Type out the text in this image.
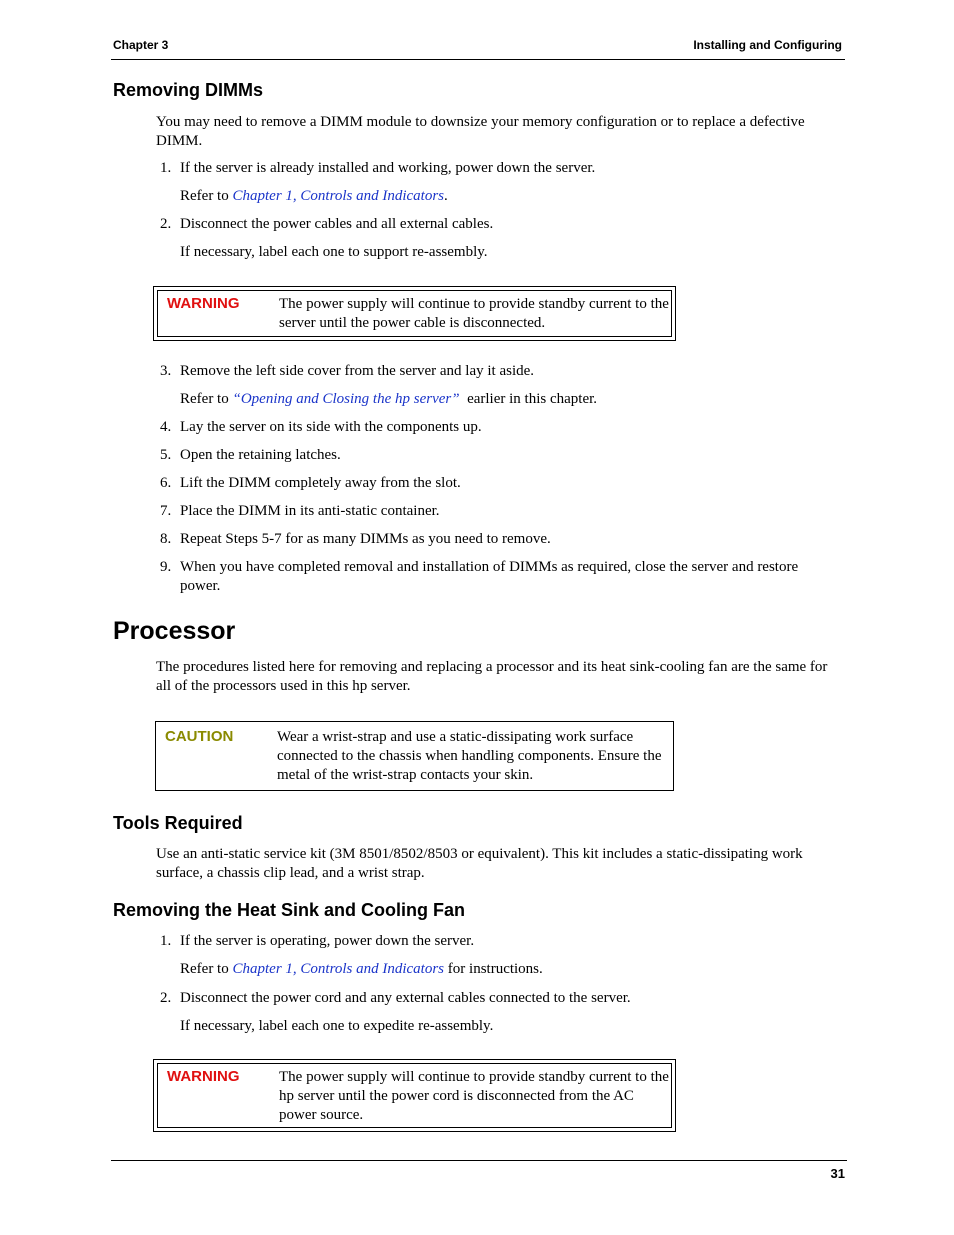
Chapter 3	Installing and Configuring
Removing DIMMs

You may need to remove a DIMM module to downsize your memory configuration or to replace a defective DIMM.

1. If the server is already installed and working, power down the server.
Refer to Chapter 1, Controls and Indicators.
2. Disconnect the power cables and all external cables.
If necessary, label each one to support re-assembly.
WARNING	The power supply will continue to provide standby current to the server until the power cable is disconnected.
3. Remove the left side cover from the server and lay it aside.
Refer to “Opening and Closing the hp server”  earlier in this chapter.
4. Lay the server on its side with the components up.
5. Open the retaining latches.
6. Lift the DIMM completely away from the slot.
7. Place the DIMM in its anti-static container.
8. Repeat Steps 5-7 for as many DIMMs as you need to remove.
9. When you have completed removal and installation of DIMMs as required, close the server and restore power.
Processor

The procedures listed here for removing and replacing a processor and its heat sink-cooling fan are the same for all of the processors used in this hp server.

CAUTION	Wear a wrist-strap and use a static-dissipating work surface connected to the chassis when handling components. Ensure the metal of the wrist-strap contacts your skin.
Tools Required

Use an anti-static service kit (3M 8501/8502/8503 or equivalent). This kit includes a static-dissipating work surface, a chassis clip lead, and a wrist strap.

Removing the Heat Sink and Cooling Fan
1. If the server is operating, power down the server.
Refer to Chapter 1, Controls and Indicators for instructions.
2. Disconnect the power cord and any external cables connected to the server.
If necessary, label each one to expedite re-assembly.
WARNING	The power supply will continue to provide standby current to the hp server until the power cord is disconnected from the AC power source.
31
